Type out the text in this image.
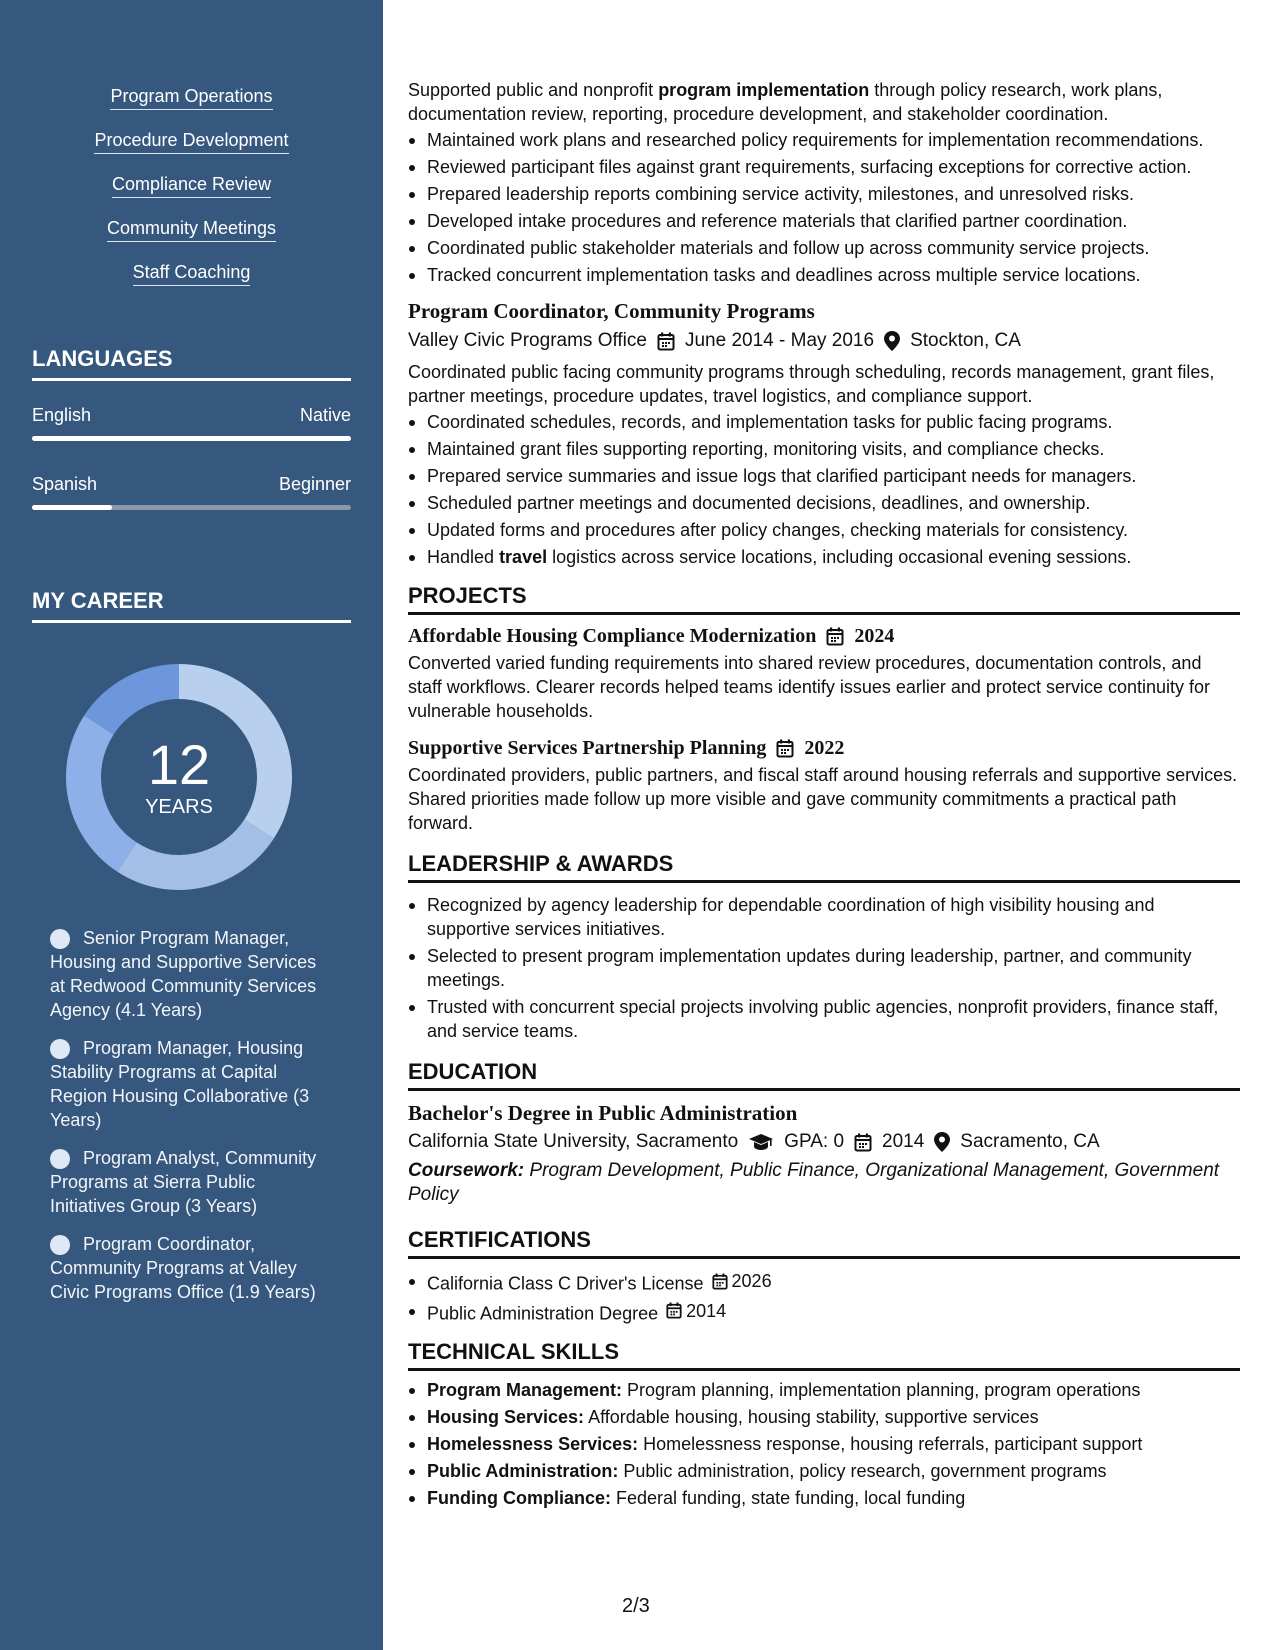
Program Operations
Procedure Development
Compliance Review
Community Meetings
Staff Coaching
LANGUAGES
English	Native
Spanish	Beginner
MY CAREER
12
YEARS
Senior Program Manager, Housing and Supportive Services at Redwood Community Services Agency (4.1 Years)
Program Manager, Housing Stability Programs at Capital Region Housing Collaborative (3 Years)
Program Analyst, Community Programs at Sierra Public Initiatives Group (3 Years)
Program Coordinator, Community Programs at Valley Civic Programs Office (1.9 Years)

Supported public and nonprofit program implementation through policy research, work plans, documentation review, reporting, procedure development, and stakeholder coordination.

Maintained work plans and researched policy requirements for implementation recommendations.
Reviewed participant files against grant requirements, surfacing exceptions for corrective action.
Prepared leadership reports combining service activity, milestones, and unresolved risks.
Developed intake procedures and reference materials that clarified partner coordination.
Coordinated public stakeholder materials and follow up across community service projects.
Tracked concurrent implementation tasks and deadlines across multiple service locations.
Program Coordinator, Community Programs
Valley Civic Programs Office June 2014 - May 2016 Stockton, CA

Coordinated public facing community programs through scheduling, records management, grant files, partner meetings, procedure updates, travel logistics, and compliance support.

Coordinated schedules, records, and implementation tasks for public facing programs.
Maintained grant files supporting reporting, monitoring visits, and compliance checks.
Prepared service summaries and issue logs that clarified participant needs for managers.
Scheduled partner meetings and documented decisions, deadlines, and ownership.
Updated forms and procedures after policy changes, checking materials for consistency.
Handled travel logistics across service locations, including occasional evening sessions.
PROJECTS
Affordable Housing Compliance Modernization 2024

Converted varied funding requirements into shared review procedures, documentation controls, and staff workflows. Clearer records helped teams identify issues earlier and protect service continuity for vulnerable households.

Supportive Services Partnership Planning 2022

Coordinated providers, public partners, and fiscal staff around housing referrals and supportive services. Shared priorities made follow up more visible and gave community commitments a practical path forward.

LEADERSHIP & AWARDS
Recognized by agency leadership for dependable coordination of high visibility housing and supportive services initiatives.
Selected to present program implementation updates during leadership, partner, and community meetings.
Trusted with concurrent special projects involving public agencies, nonprofit providers, finance staff, and service teams.
EDUCATION
Bachelor's Degree in Public Administration
California State University, Sacramento GPA: 0 2014 Sacramento, CA

Coursework: Program Development, Public Finance, Organizational Management, Government Policy

CERTIFICATIONS
California Class C Driver's License 2026
Public Administration Degree 2014
TECHNICAL SKILLS
Program Management: Program planning, implementation planning, program operations
Housing Services: Affordable housing, housing stability, supportive services
Homelessness Services: Homelessness response, housing referrals, participant support
Public Administration: Public administration, policy research, government programs
Funding Compliance: Federal funding, state funding, local funding
2/3
